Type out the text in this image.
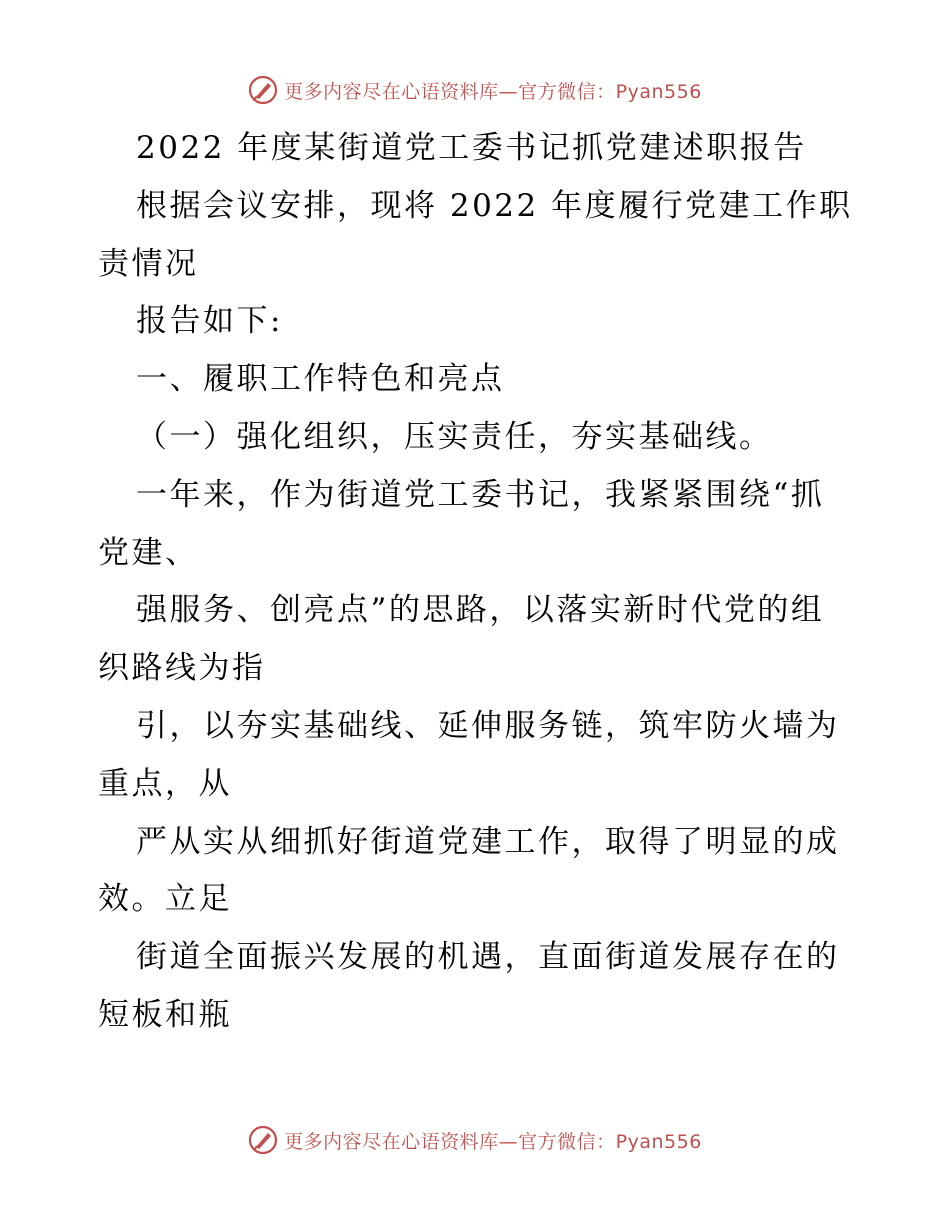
更多内容尽在心语资料库—官方微信：Pyan556
2022 年度某街道党工委书记抓党建述职报告
根据会议安排，现将 2022 年度履行党建工作职
责情况
报告如下:
一、履职工作特色和亮点
（一）强化组织，压实责任，夯实基础线。
一年来，作为街道党工委书记，我紧紧围绕“抓
党建、
强服务、创亮点”的思路，以落实新时代党的组
织路线为指
引，以夯实基础线、延伸服务链，筑牢防火墙为
重点，从
严从实从细抓好街道党建工作，取得了明显的成
效。立足
街道全面振兴发展的机遇，直面街道发展存在的
短板和瓶
更多内容尽在心语资料库—官方微信：Pyan556
